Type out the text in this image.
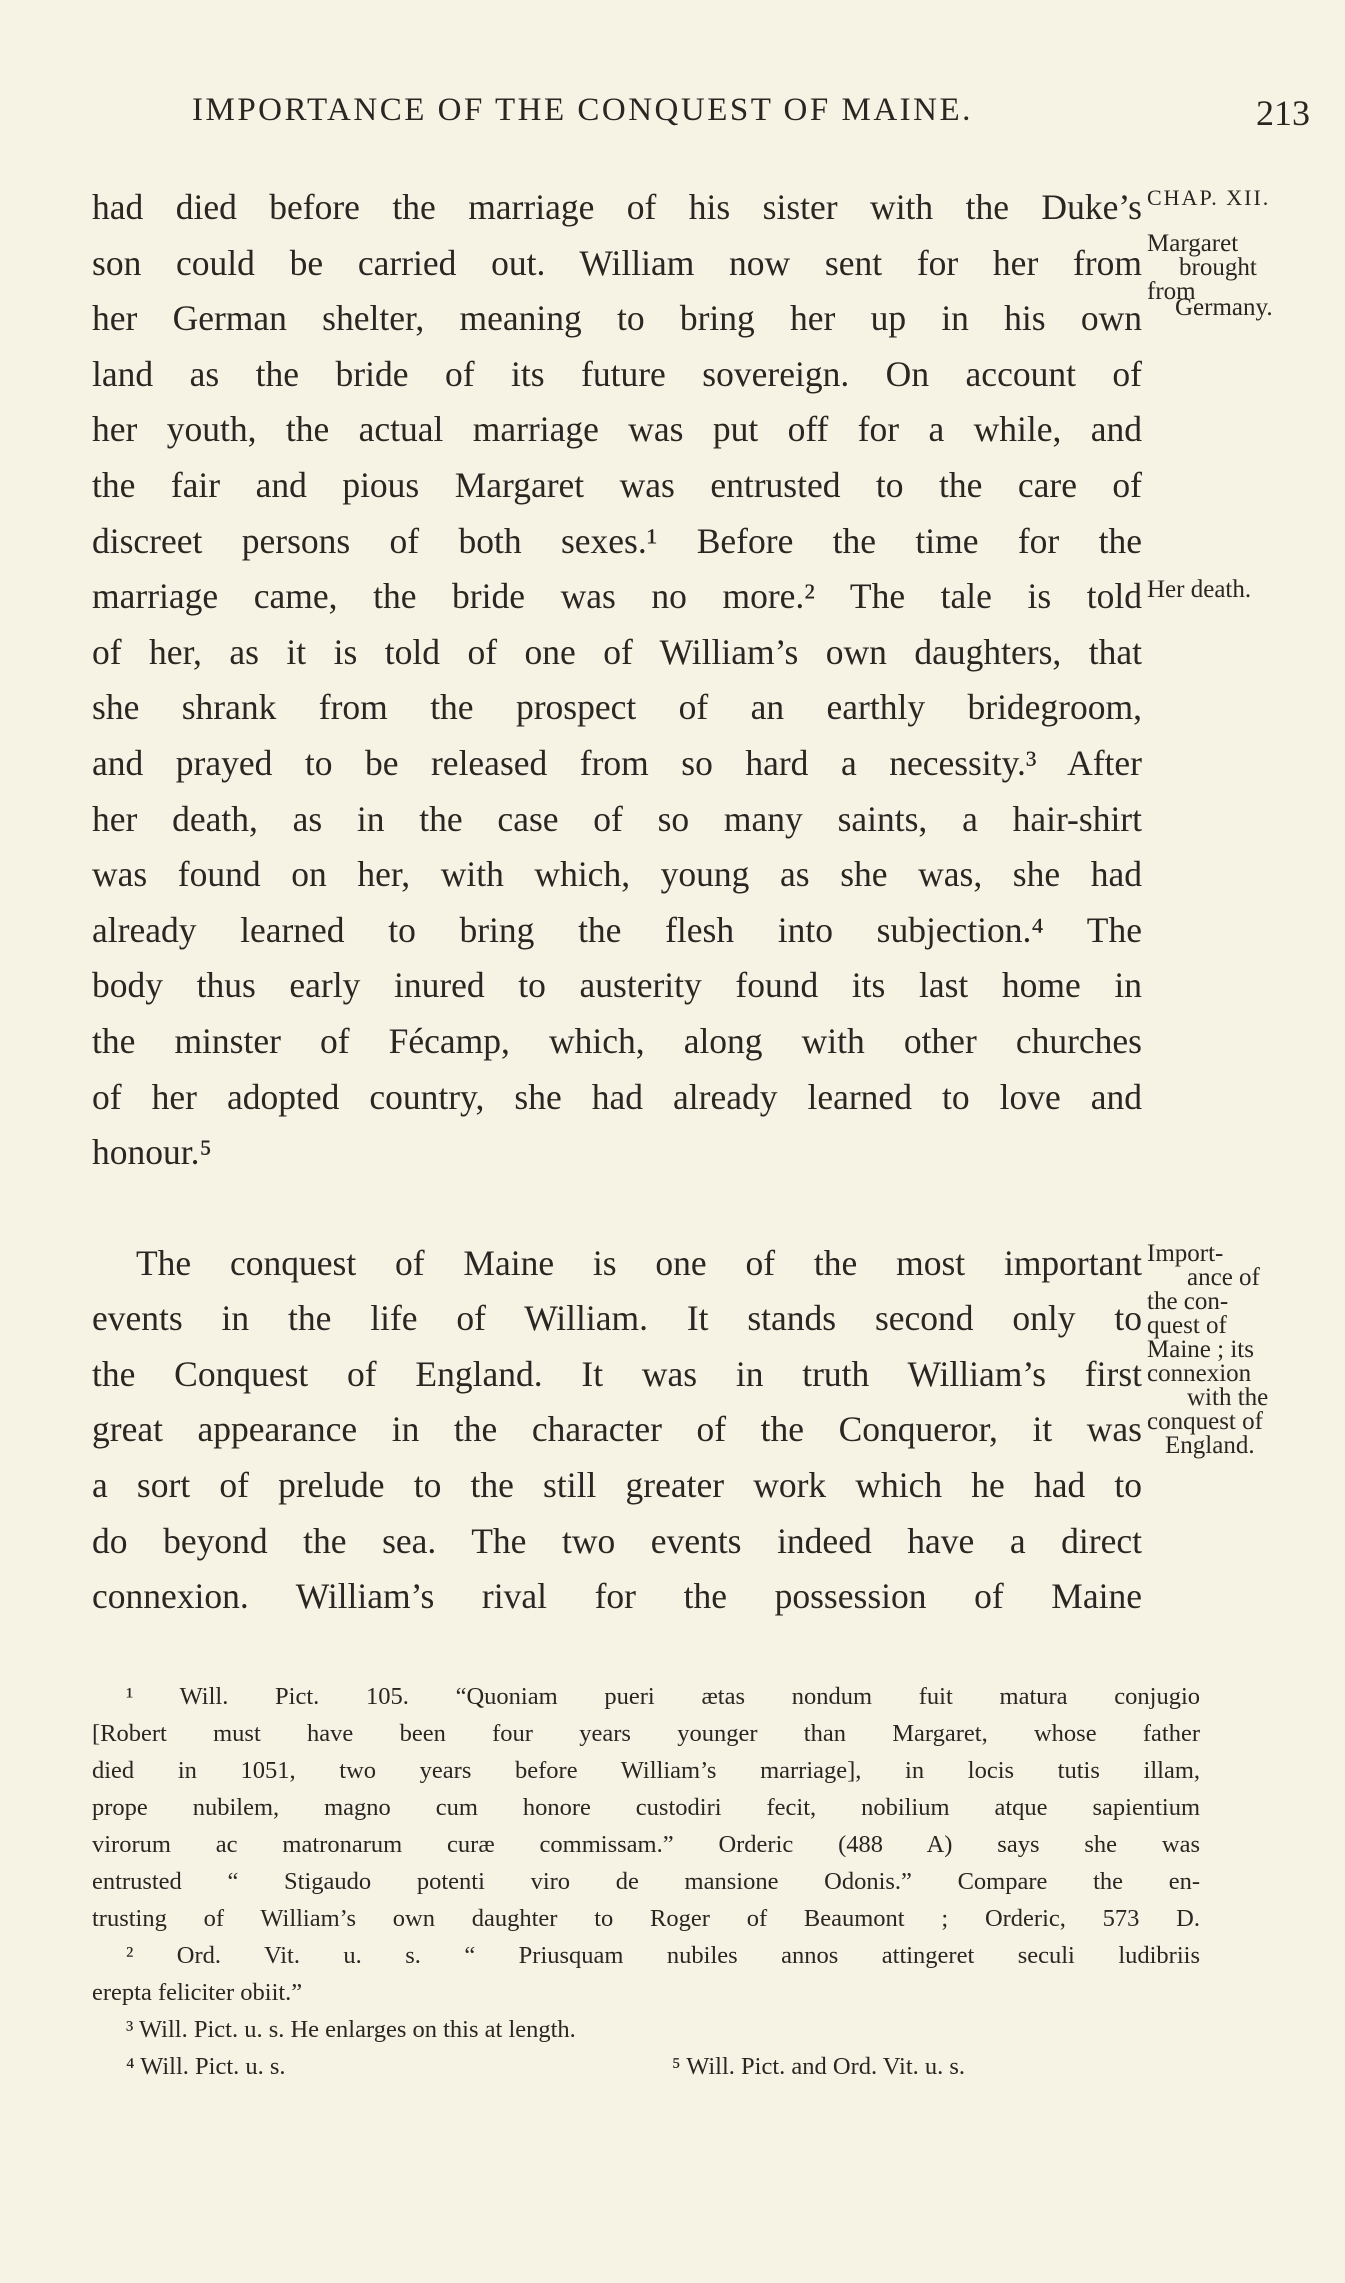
IMPORTANCE OF THE CONQUEST OF MAINE.	213
CHAP. XII.
Margaret
brought
from
Germany.
Her death.
Import-
ance of
the con-
quest of
Maine ; its
connexion
with the
conquest of
England.
had died before the marriage of his sister with the Duke’s
son could be carried out. William now sent for her from
her German shelter, meaning to bring her up in his own
land as the bride of its future sovereign. On account of
her youth, the actual marriage was put off for a while, and
the fair and pious Margaret was entrusted to the care of
discreet persons of both sexes.¹ Before the time for the
marriage came, the bride was no more.² The tale is told
of her, as it is told of one of William’s own daughters, that
she shrank from the prospect of an earthly bridegroom,
and prayed to be released from so hard a necessity.³ After
her death, as in the case of so many saints, a hair-shirt
was found on her, with which, young as she was, she had
already learned to bring the flesh into subjection.⁴ The
body thus early inured to austerity found its last home in
the minster of Fécamp, which, along with other churches
of her adopted country, she had already learned to love and
honour.⁵
The conquest of Maine is one of the most important
events in the life of William. It stands second only to
the Conquest of England. It was in truth William’s first
great appearance in the character of the Conqueror, it was
a sort of prelude to the still greater work which he had to
do beyond the sea. The two events indeed have a direct
connexion. William’s rival for the possession of Maine
¹ Will. Pict. 105. “Quoniam pueri ætas nondum fuit matura conjugio
[Robert must have been four years younger than Margaret, whose father
died in 1051, two years before William’s marriage], in locis tutis illam,
prope nubilem, magno cum honore custodiri fecit, nobilium atque sapientium
virorum ac matronarum curæ commissam.” Orderic (488 A) says she was
entrusted “ Stigaudo potenti viro de mansione Odonis.” Compare the en-
trusting of William’s own daughter to Roger of Beaumont ; Orderic, 573 D.
² Ord. Vit. u. s. “ Priusquam nubiles annos attingeret seculi ludibriis
erepta feliciter obiit.”
³ Will. Pict. u. s. He enlarges on this at length.
⁴ Will. Pict. u. s.	⁵ Will. Pict. and Ord. Vit. u. s.
